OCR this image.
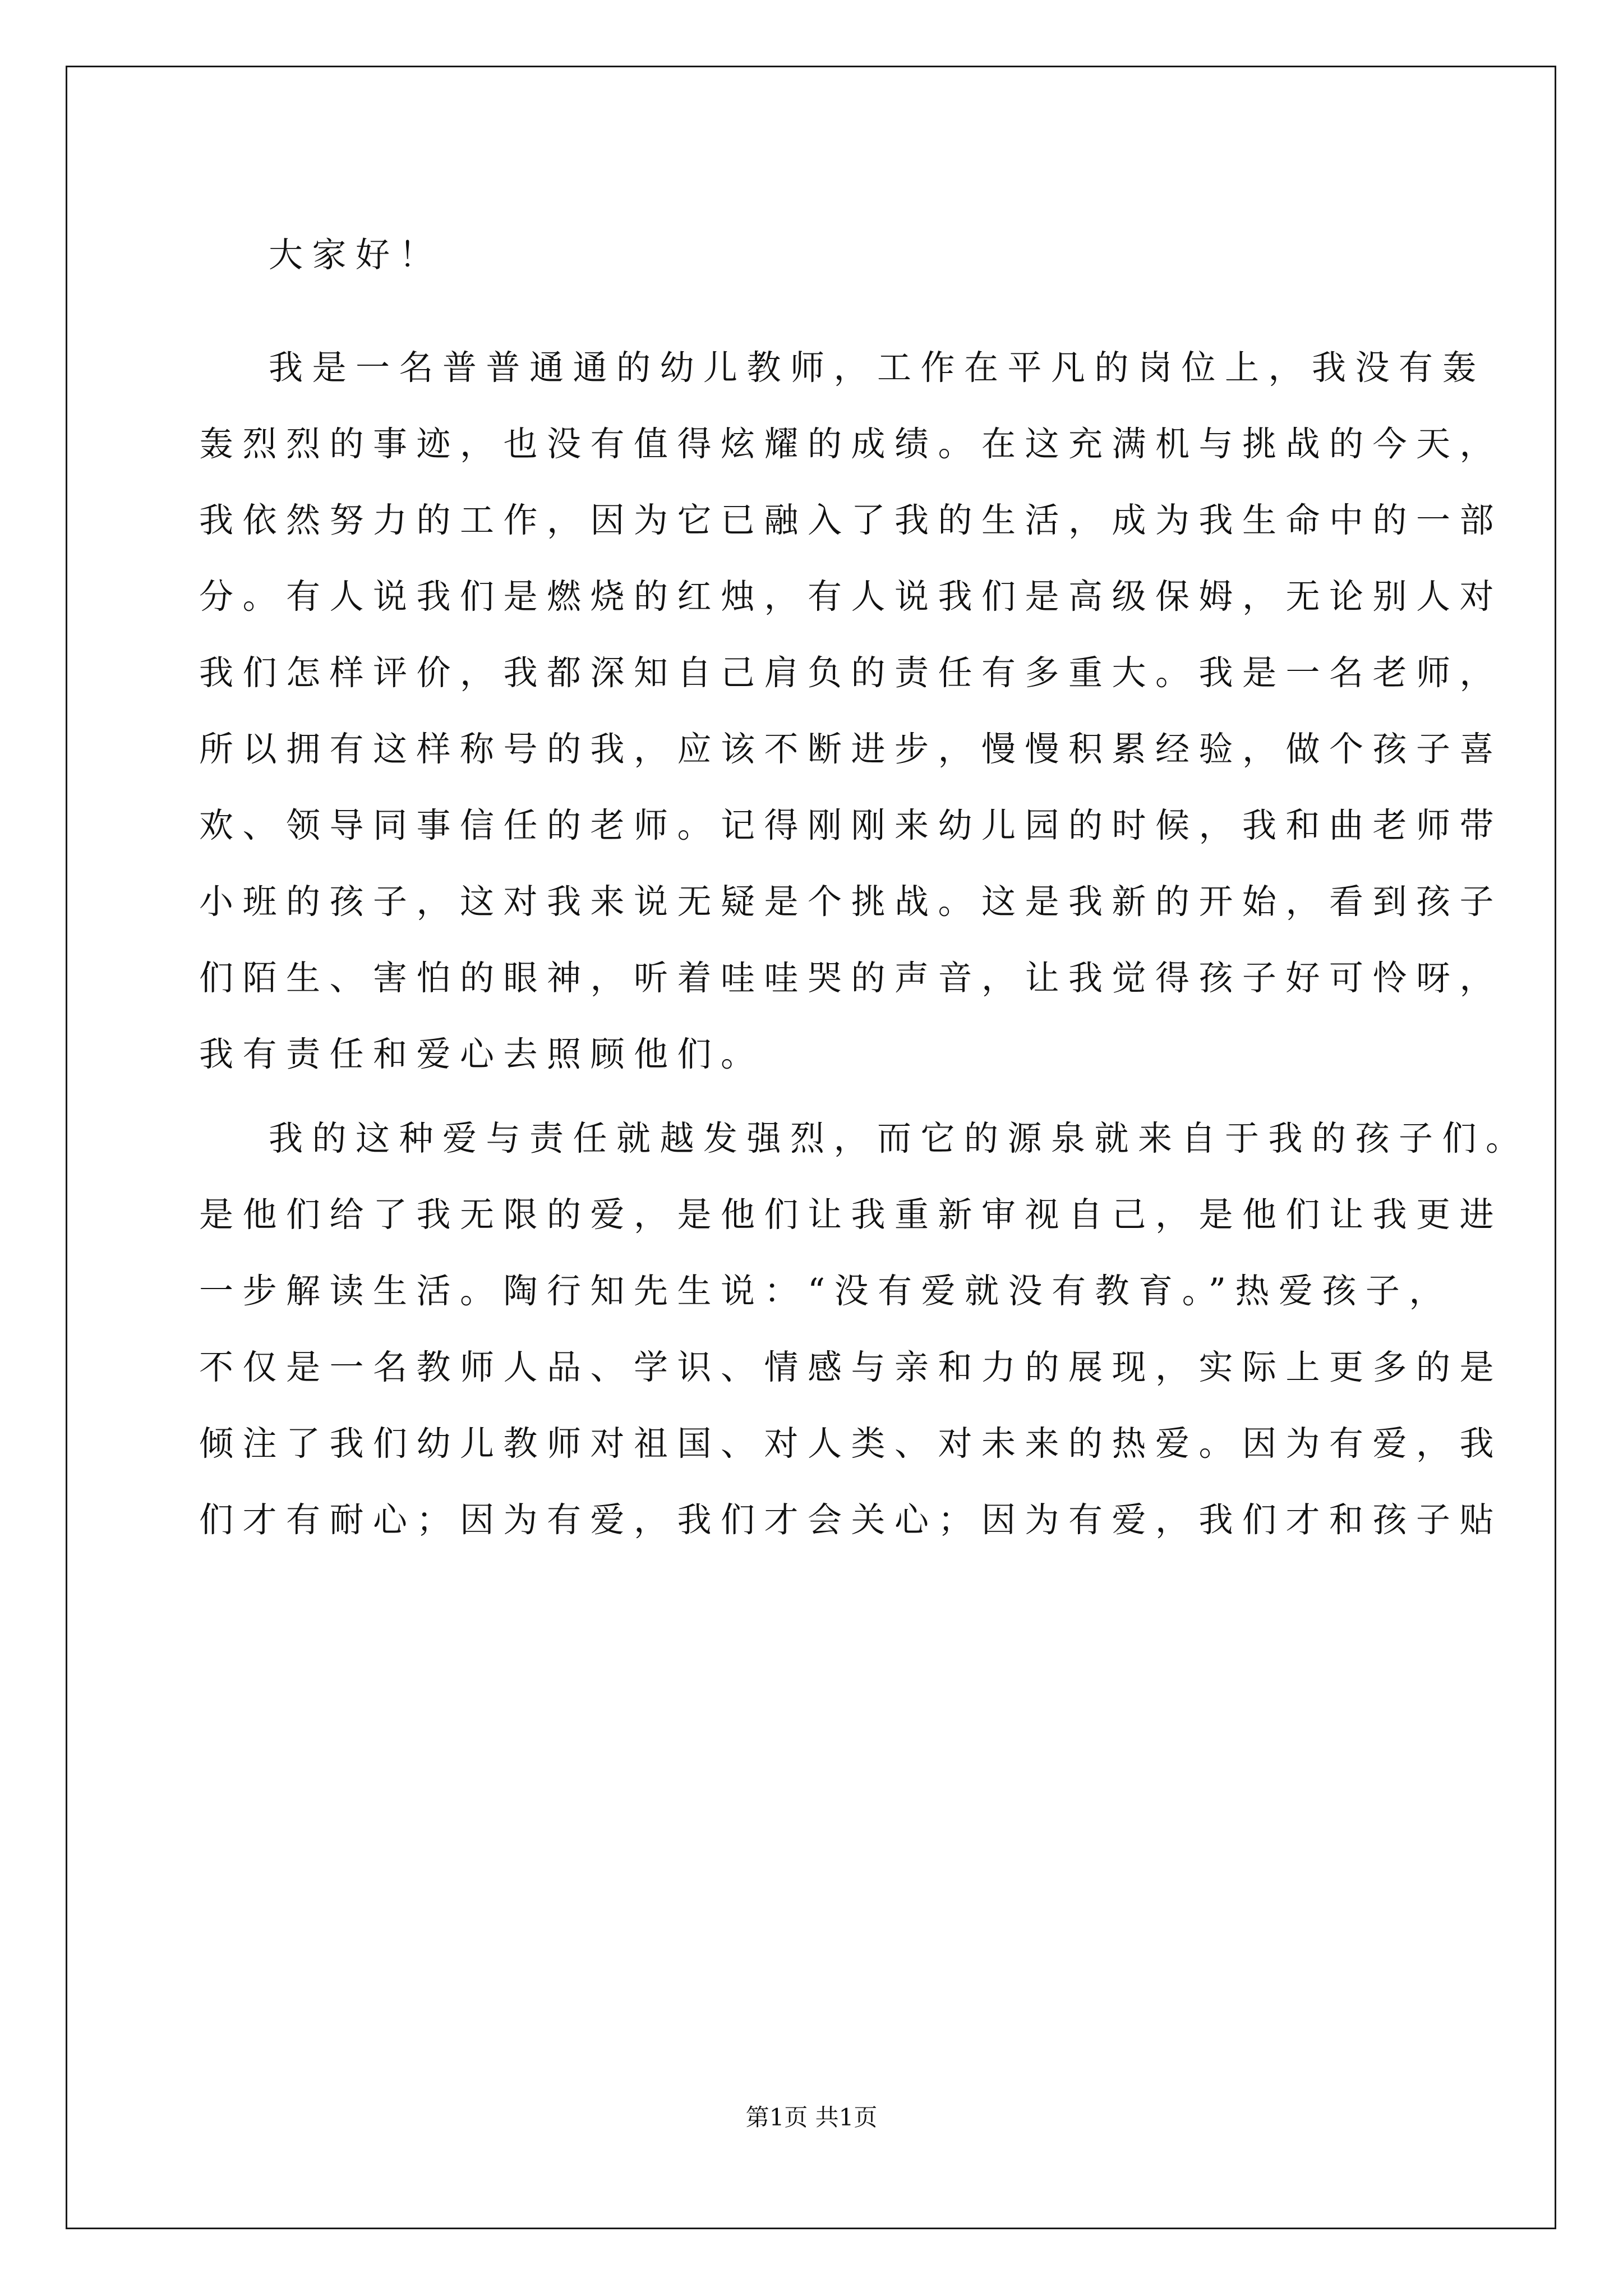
大家好！
我是一名普普通通的幼儿教师，工作在平凡的岗位上，我没有轰
轰烈烈的事迹，也没有值得炫耀的成绩。在这充满机与挑战的今天，
我依然努力的工作，因为它已融入了我的生活，成为我生命中的一部
分。有人说我们是燃烧的红烛，有人说我们是高级保姆，无论别人对
我们怎样评价，我都深知自己肩负的责任有多重大。我是一名老师，
所以拥有这样称号的我，应该不断进步，慢慢积累经验，做个孩子喜
欢、领导同事信任的老师。记得刚刚来幼儿园的时候，我和曲老师带
小班的孩子，这对我来说无疑是个挑战。这是我新的开始，看到孩子
们陌生、害怕的眼神，听着哇哇哭的声音，让我觉得孩子好可怜呀，
我有责任和爱心去照顾他们。
我的这种爱与责任就越发强烈，而它的源泉就来自于我的孩子们。
是他们给了我无限的爱，是他们让我重新审视自己，是他们让我更进
一步解读生活。陶行知先生说：“没有爱就没有教育。”热爱孩子，
不仅是一名教师人品、学识、情感与亲和力的展现，实际上更多的是
倾注了我们幼儿教师对祖国、对人类、对未来的热爱。因为有爱，我
们才有耐心；因为有爱，我们才会关心；因为有爱，我们才和孩子贴
第1页 共1页
